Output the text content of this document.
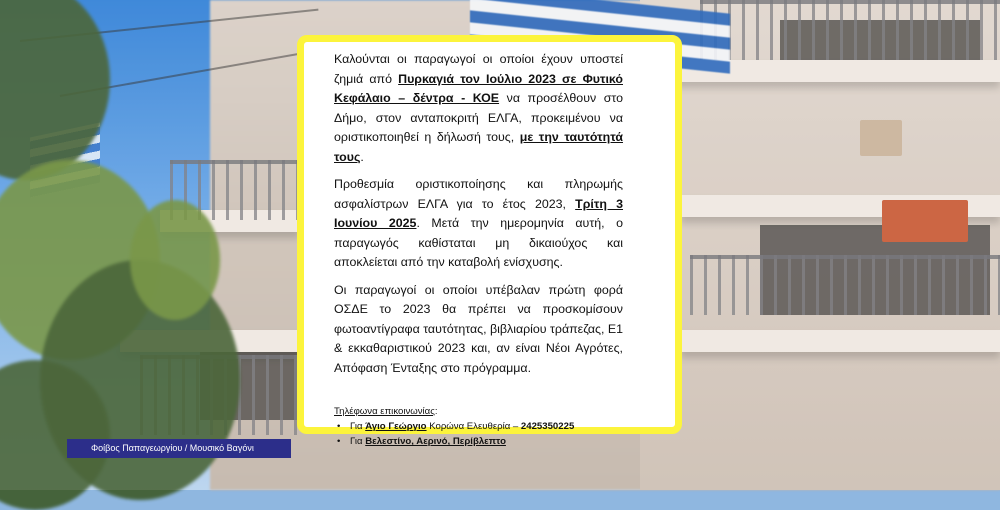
Καλούνται οι παραγωγοί οι οποίοι έχουν υποστεί ζημιά από Πυρκαγιά τον Ιούλιο 2023 σε Φυτικό Κεφάλαιο – δέντρα - ΚΟΕ να προσέλθουν στο Δήμο, στον ανταποκριτή ΕΛΓΑ, προκειμένου να οριστικοποιηθεί η δήλωσή τους, με την ταυτότητά τους.

Προθεσμία οριστικοποίησης και πληρωμής ασφαλίστρων ΕΛΓΑ για το έτος 2023, Τρίτη 3 Ιουνίου 2025. Μετά την ημερομηνία αυτή, ο παραγωγός καθίσταται μη δικαιούχος και αποκλείεται από την καταβολή ενίσχυσης.

Οι παραγωγοί οι οποίοι υπέβαλαν πρώτη φορά ΟΣΔΕ το 2023 θα πρέπει να προσκομίσουν φωτοαντίγραφα ταυτότητας, βιβλιαρίου τράπεζας, Ε1 & εκκαθαριστικού 2023 και, αν είναι Νέοι Αγρότες, Απόφαση Ένταξης στο πρόγραμμα.

Τηλέφωνα επικοινωνίας:
• Για Άγιο Γεώργιο Κορώνα Ελευθερία – 2425350225
• Για Βελεστίνο, Αερινό, Περίβλεπτο
Φοίβος Παπαγεωργίου / Μουσικό Βαγόνι
